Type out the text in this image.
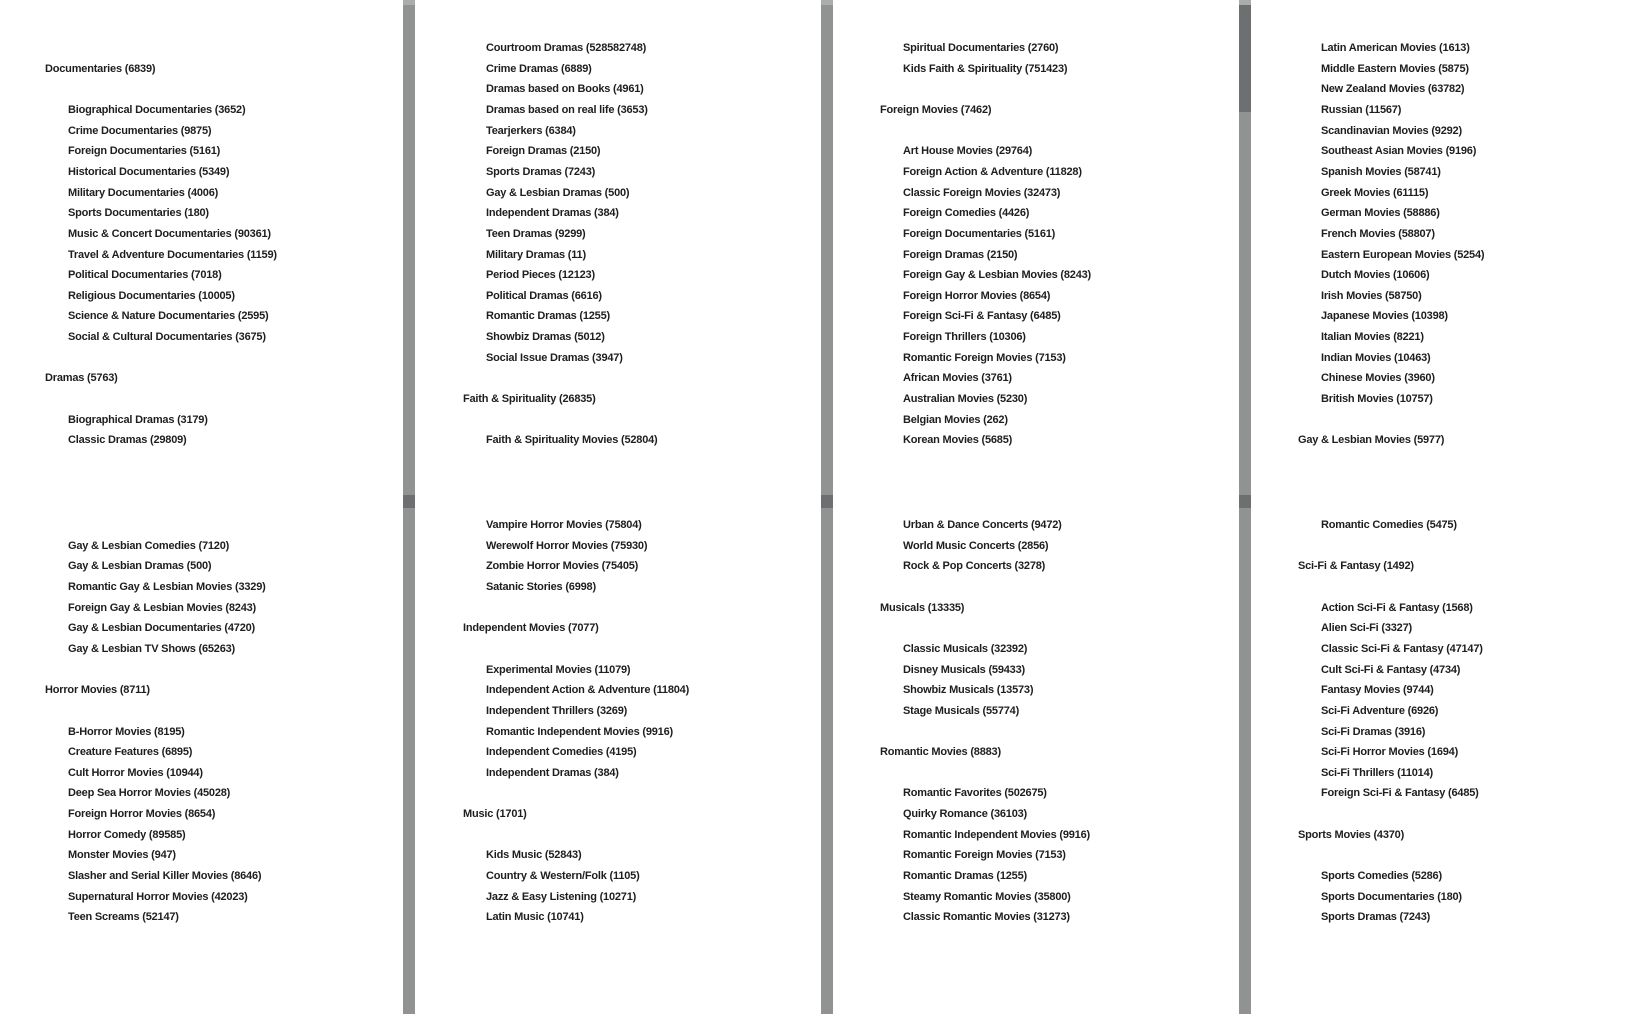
Documentaries (6839)
Biographical Documentaries (3652)
Crime Documentaries (9875)
Foreign Documentaries (5161)
Historical Documentaries (5349)
Military Documentaries (4006)
Sports Documentaries (180)
Music & Concert Documentaries (90361)
Travel & Adventure Documentaries (1159)
Political Documentaries (7018)
Religious Documentaries (10005)
Science & Nature Documentaries (2595)
Social & Cultural Documentaries (3675)
Dramas (5763)
Biographical Dramas (3179)
Classic Dramas (29809)
Courtroom Dramas (528582748)
Crime Dramas (6889)
Dramas based on Books (4961)
Dramas based on real life (3653)
Tearjerkers (6384)
Foreign Dramas (2150)
Sports Dramas (7243)
Gay & Lesbian Dramas (500)
Independent Dramas (384)
Teen Dramas (9299)
Military Dramas (11)
Period Pieces (12123)
Political Dramas (6616)
Romantic Dramas (1255)
Showbiz Dramas (5012)
Social Issue Dramas (3947)
Faith & Spirituality (26835)
Faith & Spirituality Movies (52804)
Spiritual Documentaries (2760)
Kids Faith & Spirituality (751423)
Foreign Movies (7462)
Art House Movies (29764)
Foreign Action & Adventure (11828)
Classic Foreign Movies (32473)
Foreign Comedies (4426)
Foreign Documentaries (5161)
Foreign Dramas (2150)
Foreign Gay & Lesbian Movies (8243)
Foreign Horror Movies (8654)
Foreign Sci-Fi & Fantasy (6485)
Foreign Thrillers (10306)
Romantic Foreign Movies (7153)
African Movies (3761)
Australian Movies (5230)
Belgian Movies (262)
Korean Movies (5685)
Latin American Movies (1613)
Middle Eastern Movies (5875)
New Zealand Movies (63782)
Russian (11567)
Scandinavian Movies (9292)
Southeast Asian Movies (9196)
Spanish Movies (58741)
Greek Movies (61115)
German Movies (58886)
French Movies (58807)
Eastern European Movies (5254)
Dutch Movies (10606)
Irish Movies (58750)
Japanese Movies (10398)
Italian Movies (8221)
Indian Movies (10463)
Chinese Movies (3960)
British Movies (10757)
Gay & Lesbian Movies (5977)
Gay & Lesbian Comedies (7120)
Gay & Lesbian Dramas (500)
Romantic Gay & Lesbian Movies (3329)
Foreign Gay & Lesbian Movies (8243)
Gay & Lesbian Documentaries (4720)
Gay & Lesbian TV Shows (65263)
Horror Movies (8711)
B-Horror Movies (8195)
Creature Features (6895)
Cult Horror Movies (10944)
Deep Sea Horror Movies (45028)
Foreign Horror Movies (8654)
Horror Comedy (89585)
Monster Movies (947)
Slasher and Serial Killer Movies (8646)
Supernatural Horror Movies (42023)
Teen Screams (52147)
Vampire Horror Movies (75804)
Werewolf Horror Movies (75930)
Zombie Horror Movies (75405)
Satanic Stories (6998)
Independent Movies (7077)
Experimental Movies (11079)
Independent Action & Adventure (11804)
Independent Thrillers (3269)
Romantic Independent Movies (9916)
Independent Comedies (4195)
Independent Dramas (384)
Music (1701)
Kids Music (52843)
Country & Western/Folk (1105)
Jazz & Easy Listening (10271)
Latin Music (10741)
Urban & Dance Concerts (9472)
World Music Concerts (2856)
Rock & Pop Concerts (3278)
Musicals (13335)
Classic Musicals (32392)
Disney Musicals (59433)
Showbiz Musicals (13573)
Stage Musicals (55774)
Romantic Movies (8883)
Romantic Favorites (502675)
Quirky Romance (36103)
Romantic Independent Movies (9916)
Romantic Foreign Movies (7153)
Romantic Dramas (1255)
Steamy Romantic Movies (35800)
Classic Romantic Movies (31273)
Romantic Comedies (5475)
Sci-Fi & Fantasy (1492)
Action Sci-Fi & Fantasy (1568)
Alien Sci-Fi (3327)
Classic Sci-Fi & Fantasy (47147)
Cult Sci-Fi & Fantasy (4734)
Fantasy Movies (9744)
Sci-Fi Adventure (6926)
Sci-Fi Dramas (3916)
Sci-Fi Horror Movies (1694)
Sci-Fi Thrillers (11014)
Foreign Sci-Fi & Fantasy (6485)
Sports Movies (4370)
Sports Comedies (5286)
Sports Documentaries (180)
Sports Dramas (7243)
